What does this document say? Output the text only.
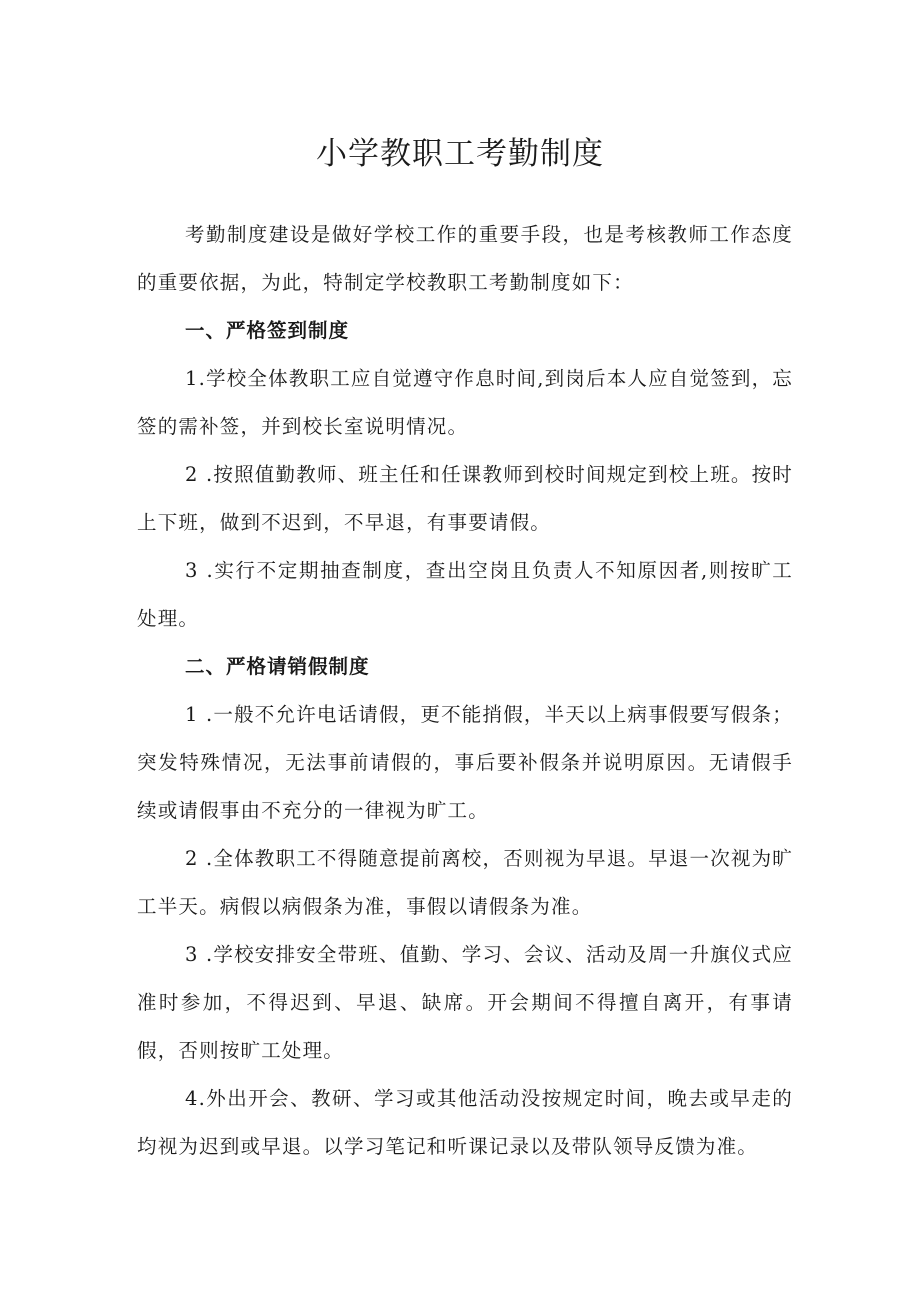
小学教职工考勤制度

考勤制度建设是做好学校工作的重要手段，也是考核教师工作态度的重要依据，为此，特制定学校教职工考勤制度如下：

一、严格签到制度

1.学校全体教职工应自觉遵守作息时间,到岗后本人应自觉签到，忘签的需补签，并到校长室说明情况。

2 .按照值勤教师、班主任和任课教师到校时间规定到校上班。按时上下班，做到不迟到，不早退，有事要请假。

3 .实行不定期抽查制度，查出空岗且负责人不知原因者,则按旷工处理。

二、严格请销假制度

1 .一般不允许电话请假，更不能捎假，半天以上病事假要写假条；突发特殊情况，无法事前请假的，事后要补假条并说明原因。无请假手续或请假事由不充分的一律视为旷工。

2 .全体教职工不得随意提前离校，否则视为早退。早退一次视为旷工半天。病假以病假条为准，事假以请假条为准。

3 .学校安排安全带班、值勤、学习、会议、活动及周一升旗仪式应准时参加，不得迟到、早退、缺席。开会期间不得擅自离开，有事请假，否则按旷工处理。

4.外出开会、教研、学习或其他活动没按规定时间，晚去或早走的均视为迟到或早退。以学习笔记和听课记录以及带队领导反馈为准。
